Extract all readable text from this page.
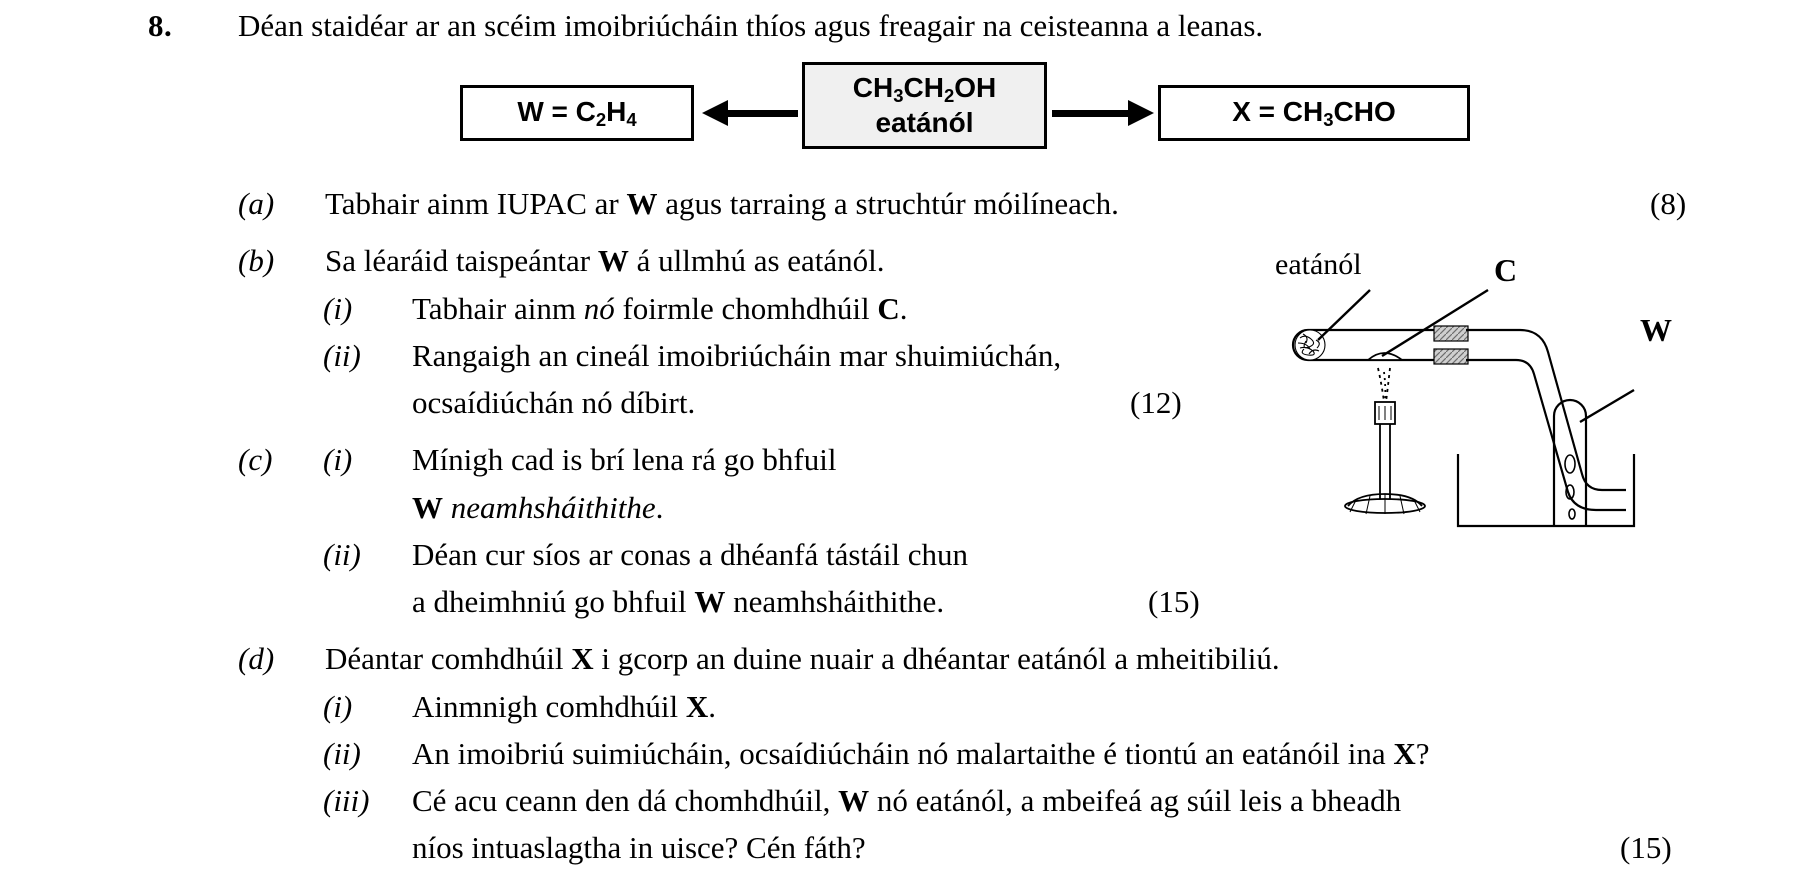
8. Déan staidéar ar an scéim imoibriúcháin thíos agus freagair na ceisteanna a leanas.
$W = C_2H_4$
$CH_3CH_2OH$
eatánól	$X = CH_3CHO$
(a) Tabhair ainm IUPAC ar W agus tarraing a struchtúr móilíneach.	(8)
(b) Sa léaráid taispeántar W á ullmhú as eatánól.
(i) Tabhair ainm nó foirmle chomhdhúil C.
(ii) Rangaigh an cineál imoibriúcháin mar shuimiúchán,
ocsaídiúchán nó díbirt.	(12)
(c) (i) Mínigh cad is brí lena rá go bhfuil
W neamhsháithithe.
(ii) Déan cur síos ar conas a dhéanfá tástáil chun
a dheimhniú go bhfuil W neamhsháithithe.	(15)
(d) Déantar comhdhúil X i gcorp an duine nuair a dhéantar eatánól a mheitibiliú.
(i) Ainmnigh comhdhúil X.
(ii) An imoibriú suimiúcháin, ocsaídiúcháin nó malartaithe é tiontú an eatánóil ina X?
(iii) Cé acu ceann den dá chomhdhúil, W nó eatánól, a mbeifeá ag súil leis a bheadh
níos intuaslagtha in uisce? Cén fáth?	(15)
eatánól	C
W
